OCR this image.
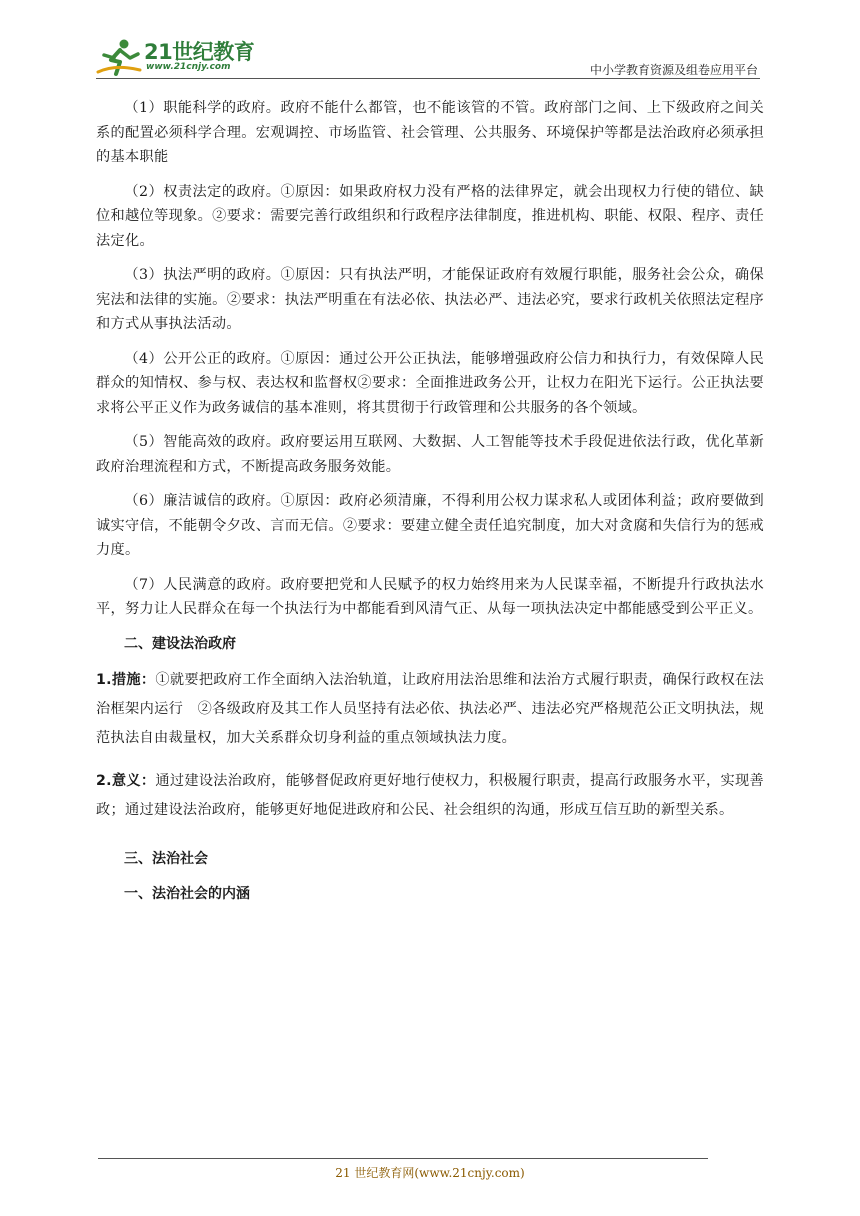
21世纪教育
www.21cnjy.com	中小学教育资源及组卷应用平台

（1）职能科学的政府。政府不能什么都管，也不能该管的不管。政府部门之间、上下级政府之间关系的配置必须科学合理。宏观调控、市场监管、社会管理、公共服务、环境保护等都是法治政府必须承担的基本职能

（2）权责法定的政府。①原因：如果政府权力没有严格的法律界定，就会出现权力行使的错位、缺位和越位等现象。②要求：需要完善行政组织和行政程序法律制度，推进机构、职能、权限、程序、责任法定化。

（3）执法严明的政府。①原因：只有执法严明，才能保证政府有效履行职能，服务社会公众，确保宪法和法律的实施。②要求：执法严明重在有法必依、执法必严、违法必究，要求行政机关依照法定程序和方式从事执法活动。

（4）公开公正的政府。①原因：通过公开公正执法，能够增强政府公信力和执行力，有效保障人民群众的知情权、参与权、表达权和监督权②要求：全面推进政务公开，让权力在阳光下运行。公正执法要求将公平正义作为政务诚信的基本准则，将其贯彻于行政管理和公共服务的各个领域。

（5）智能高效的政府。政府要运用互联网、大数据、人工智能等技术手段促进依法行政，优化革新政府治理流程和方式，不断提高政务服务效能。

（6）廉洁诚信的政府。①原因：政府必须清廉，不得利用公权力谋求私人或团体利益；政府要做到诚实守信，不能朝令夕改、言而无信。②要求：要建立健全责任追究制度，加大对贪腐和失信行为的惩戒力度。

（7）人民满意的政府。政府要把党和人民赋予的权力始终用来为人民谋幸福，不断提升行政执法水平，努力让人民群众在每一个执法行为中都能看到风清气正、从每一项执法决定中都能感受到公平正义。

二、建设法治政府

1.措施：①就要把政府工作全面纳入法治轨道，让政府用法治思维和法治方式履行职责，确保行政权在法治框架内运行　②各级政府及其工作人员坚持有法必依、执法必严、违法必究严格规范公正文明执法，规范执法自由裁量权，加大关系群众切身利益的重点领域执法力度。

2.意义：通过建设法治政府，能够督促政府更好地行使权力，积极履行职责，提高行政服务水平，实现善政；通过建设法治政府，能够更好地促进政府和公民、社会组织的沟通，形成互信互助的新型关系。

三、法治社会
一、法治社会的内涵
21 世纪教育网(www.21cnjy.com)
